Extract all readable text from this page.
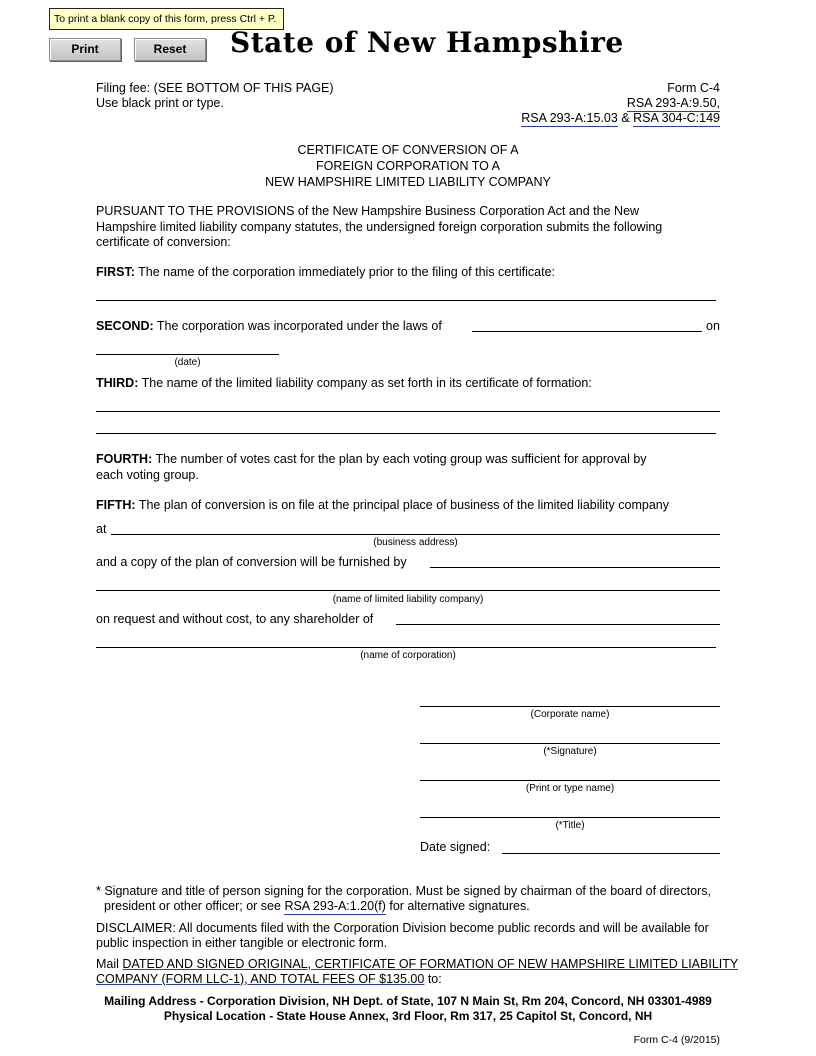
To print a blank copy of this form, press Ctrl + P.
Print	Reset	State of New Hampshire
Filing fee: (SEE BOTTOM OF THIS PAGE)
Use black print or type.
Form C-4
RSA 293-A:9.50,
RSA 293-A:15.03 & RSA 304-C:149
CERTIFICATE OF CONVERSION OF A
FOREIGN CORPORATION TO A
NEW HAMPSHIRE LIMITED LIABILITY COMPANY
PURSUANT TO THE PROVISIONS of the New Hampshire Business Corporation Act and the New
Hampshire limited liability company statutes, the undersigned foreign corporation submits the following
certificate of conversion:
FIRST: The name of the corporation immediately prior to the filing of this certificate:
SECOND: The corporation was incorporated under the laws of	on
(date)
THIRD: The name of the limited liability company as set forth in its certificate of formation:
FOURTH: The number of votes cast for the plan by each voting group was sufficient for approval by
each voting group.
FIFTH: The plan of conversion is on file at the principal place of business of the limited liability company
at
(business address)
and a copy of the plan of conversion will be furnished by
(name of limited liability company)
on request and without cost, to any shareholder of
(name of corporation)
(Corporate name)
(*Signature)
(Print or type name)
(*Title)
Date signed:
* Signature and title of person signing for the corporation. Must be signed by chairman of the board of directors,
president or other officer; or see RSA 293-A:1.20(f) for alternative signatures.
DISCLAIMER: All documents filed with the Corporation Division become public records and will be available for
public inspection in either tangible or electronic form.
Mail DATED AND SIGNED ORIGINAL, CERTIFICATE OF FORMATION OF NEW HAMPSHIRE LIMITED LIABILITY
COMPANY (FORM LLC-1), AND TOTAL FEES OF $135.00 to:
Mailing Address - Corporation Division, NH Dept. of State, 107 N Main St, Rm 204, Concord, NH 03301-4989
Physical Location - State House Annex, 3rd Floor, Rm 317, 25 Capitol St, Concord, NH
Form C-4 (9/2015)
